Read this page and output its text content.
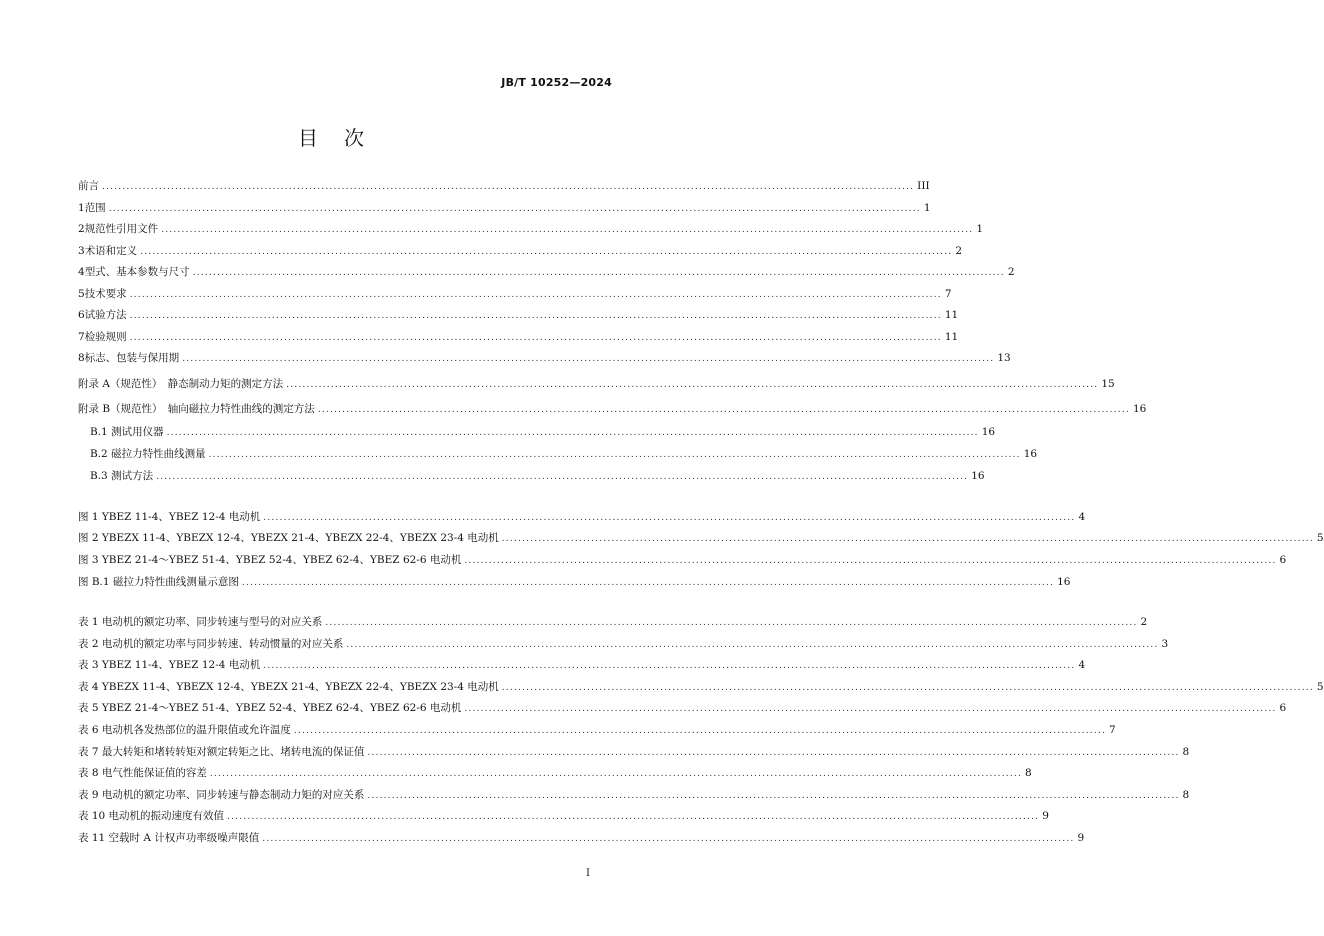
JB/T 10252—2024
目次
前言 ........................................................................................................................................................................................................ III
1 范围 ........................................................................................................................................................................................................ 1
2 规范性引用文件 ........................................................................................................................................................................................................ 1
3 术语和定义 ........................................................................................................................................................................................................ 2
4 型式、基本参数与尺寸 ........................................................................................................................................................................................................ 2
5 技术要求 ........................................................................................................................................................................................................ 7
6 试验方法 ........................................................................................................................................................................................................ 11
7 检验规则 ........................................................................................................................................................................................................ 11
8 标志、包装与保用期 ........................................................................................................................................................................................................ 13
附录 A（规范性）　静态制动力矩的测定方法 ........................................................................................................................................................................................................ 15
附录 B（规范性）　轴向磁拉力特性曲线的测定方法 ........................................................................................................................................................................................................ 16
B.1 测试用仪器 ........................................................................................................................................................................................................ 16
B.2 磁拉力特性曲线测量 ........................................................................................................................................................................................................ 16
B.3 测试方法 ........................................................................................................................................................................................................ 16
图 1 YBEZ 11-4、YBEZ 12-4 电动机 ........................................................................................................................................................................................................ 4
图 2 YBEZX 11-4、YBEZX 12-4、YBEZX 21-4、YBEZX 22-4、YBEZX 23-4 电动机 ........................................................................................................................................................................................................ 5
图 3 YBEZ 21-4～YBEZ 51-4、YBEZ 52-4、YBEZ 62-4、YBEZ 62-6 电动机 ........................................................................................................................................................................................................ 6
图 B.1 磁拉力特性曲线测量示意图 ........................................................................................................................................................................................................ 16
表 1 电动机的额定功率、同步转速与型号的对应关系 ........................................................................................................................................................................................................ 2
表 2 电动机的额定功率与同步转速、转动惯量的对应关系 ........................................................................................................................................................................................................ 3
表 3 YBEZ 11-4、YBEZ 12-4 电动机 ........................................................................................................................................................................................................ 4
表 4 YBEZX 11-4、YBEZX 12-4、YBEZX 21-4、YBEZX 22-4、YBEZX 23-4 电动机 ........................................................................................................................................................................................................ 5
表 5 YBEZ 21-4～YBEZ 51-4、YBEZ 52-4、YBEZ 62-4、YBEZ 62-6 电动机 ........................................................................................................................................................................................................ 6
表 6 电动机各发热部位的温升限值或允许温度 ........................................................................................................................................................................................................ 7
表 7 最大转矩和堵转转矩对额定转矩之比、堵转电流的保证值 ........................................................................................................................................................................................................ 8
表 8 电气性能保证值的容差 ........................................................................................................................................................................................................ 8
表 9 电动机的额定功率、同步转速与静态制动力矩的对应关系 ........................................................................................................................................................................................................ 8
表 10 电动机的振动速度有效值 ........................................................................................................................................................................................................ 9
表 11 空载时 A 计权声功率级噪声限值 ........................................................................................................................................................................................................ 9
I
